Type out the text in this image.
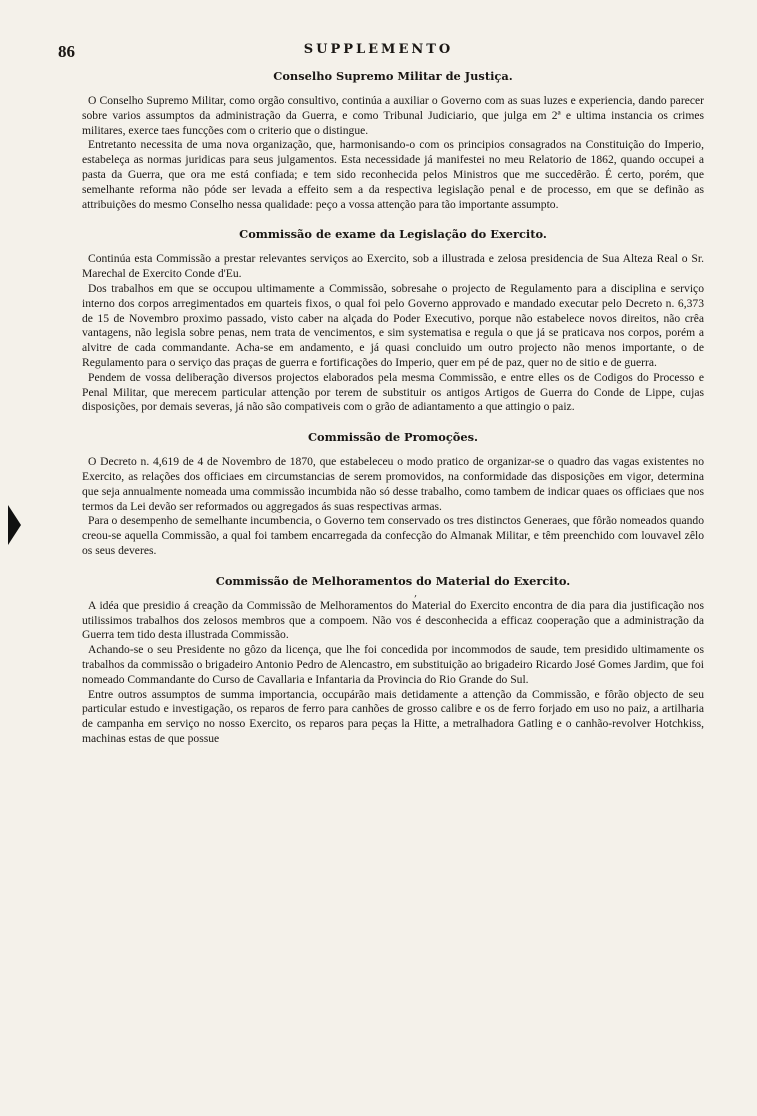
86	SUPPLEMENTO
,
Conselho Supremo Militar de Justiça.

O Conselho Supremo Militar, como orgão consultivo, continúa a auxiliar o Governo com as suas luzes e experiencia, dando parecer sobre varios assumptos da administração da Guerra, e como Tribunal Judiciario, que julga em 2ª e ultima instancia os crimes militares, exerce taes funcções com o criterio que o distingue.

Entretanto necessita de uma nova organização, que, harmonisando-o com os principios consagrados na Constituição do Imperio, estabeleça as normas juridicas para seus julgamentos. Esta necessidade já manifestei no meu Relatorio de 1862, quando occupei a pasta da Guerra, que ora me está confiada; e tem sido reconhecida pelos Ministros que me succedêrão. É certo, porém, que semelhante reforma não póde ser levada a effeito sem a da respectiva legislação penal e de processo, em que se definão as attribuições do mesmo Conselho nessa qualidade: peço a vossa attenção para tão importante assumpto.

Commissão de exame da Legislação do Exercito.

Continúa esta Commissão a prestar relevantes serviços ao Exercito, sob a illustrada e zelosa presidencia de Sua Alteza Real o Sr. Marechal de Exercito Conde d'Eu.

Dos trabalhos em que se occupou ultimamente a Commissão, sobresahe o projecto de Regulamento para a disciplina e serviço interno dos corpos arregimentados em quarteis fixos, o qual foi pelo Governo approvado e mandado executar pelo Decreto n. 6,373 de 15 de Novembro proximo passado, visto caber na alçada do Poder Executivo, porque não estabelece novos direitos, não crêa vantagens, não legisla sobre penas, nem trata de vencimentos, e sim systematisa e regula o que já se praticava nos corpos, porém a alvitre de cada commandante. Acha-se em andamento, e já quasi concluido um outro projecto não menos importante, o de Regulamento para o serviço das praças de guerra e fortificações do Imperio, quer em pé de paz, quer no de sitio e de guerra.

Pendem de vossa deliberação diversos projectos elaborados pela mesma Commissão, e entre elles os de Codigos do Processo e Penal Militar, que merecem particular attenção por terem de substituir os antigos Artigos de Guerra do Conde de Lippe, cujas disposições, por demais severas, já não são compativeis com o grão de adiantamento a que attingio o paiz.

Commissão de Promoções.

O Decreto n. 4,619 de 4 de Novembro de 1870, que estabeleceu o modo pratico de organizar-se o quadro das vagas existentes no Exercito, as relações dos officiaes em circumstancias de serem promovidos, na conformidade das disposições em vigor, determina que seja annualmente nomeada uma commissão incumbida não só desse trabalho, como tambem de indicar quaes os officiaes que nos termos da Lei devão ser reformados ou aggregados ás suas respectivas armas.

Para o desempenho de semelhante incumbencia, o Governo tem conservado os tres distinctos Generaes, que fôrão nomeados quando creou-se aquella Commissão, a qual foi tambem encarregada da confecção do Almanak Militar, e têm preenchido com louvavel zêlo os seus deveres.

Commissão de Melhoramentos do Material do Exercito.

A idéa que presidio á creação da Commissão de Melhoramentos do Material do Exercito encontra de dia para dia justificação nos utilissimos trabalhos dos zelosos membros que a compoem. Não vos é desconhecida a efficaz cooperação que a administração da Guerra tem tido desta illustrada Commissão.

Achando-se o seu Presidente no gôzo da licença, que lhe foi concedida por incommodos de saude, tem presidido ultimamente os trabalhos da commissão o brigadeiro Antonio Pedro de Alencastro, em substituição ao brigadeiro Ricardo José Gomes Jardim, que foi nomeado Commandante do Curso de Cavallaria e Infantaria da Provincia do Rio Grande do Sul.

Entre outros assumptos de summa importancia, occupárão mais detidamente a attenção da Commissão, e fôrão objecto de seu particular estudo e investigação, os reparos de ferro para canhões de grosso calibre e os de ferro forjado em uso no paiz, a artilharia de campanha em serviço no nosso Exercito, os reparos para peças la Hitte, a metralhadora Gatling e o canhão-revolver Hotchkiss, machinas estas de que possue
